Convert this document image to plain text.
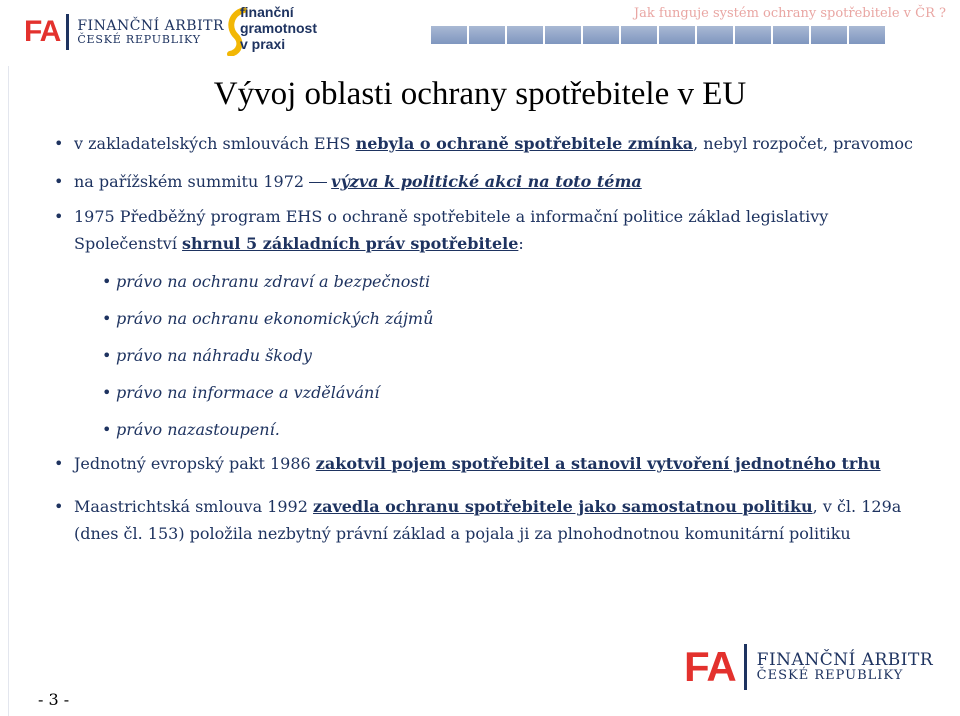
FA FINANČNÍ ARBITR
ČESKÉ REPUBLIKY
finanční
gramotnost
v praxi
Jak funguje systém ochrany spotřebitele v ČR ?
Vývoj oblasti ochrany spotřebitele v EU
• v zakladatelských smlouvách EHS nebyla o ochraně spotřebitele zmínka, nebyl rozpočet, pravomoc
• na pařížském summitu 1972 výzva k politické akci na toto téma
• 1975 Předběžný program EHS o ochraně spotřebitele a informační politice základ legislativy Společenství shrnul 5 základních práv spotřebitele:
• právo na ochranu zdraví a bezpečnosti
• právo na ochranu ekonomických zájmů
• právo na náhradu škody
• právo na informace a vzdělávání
• právo nazastoupení.
• Jednotný evropský pakt 1986 zakotvil pojem spotřebitel a stanovil vytvoření jednotného trhu
• Maastrichtská smlouva 1992 zavedla ochranu spotřebitele jako samostatnou politiku, v čl. 129a (dnes čl. 153) položila nezbytný právní základ a pojala ji za plnohodnotnou komunitární politiku
- 3 -
FA FINANČNÍ ARBITR
ČESKÉ REPUBLIKY
